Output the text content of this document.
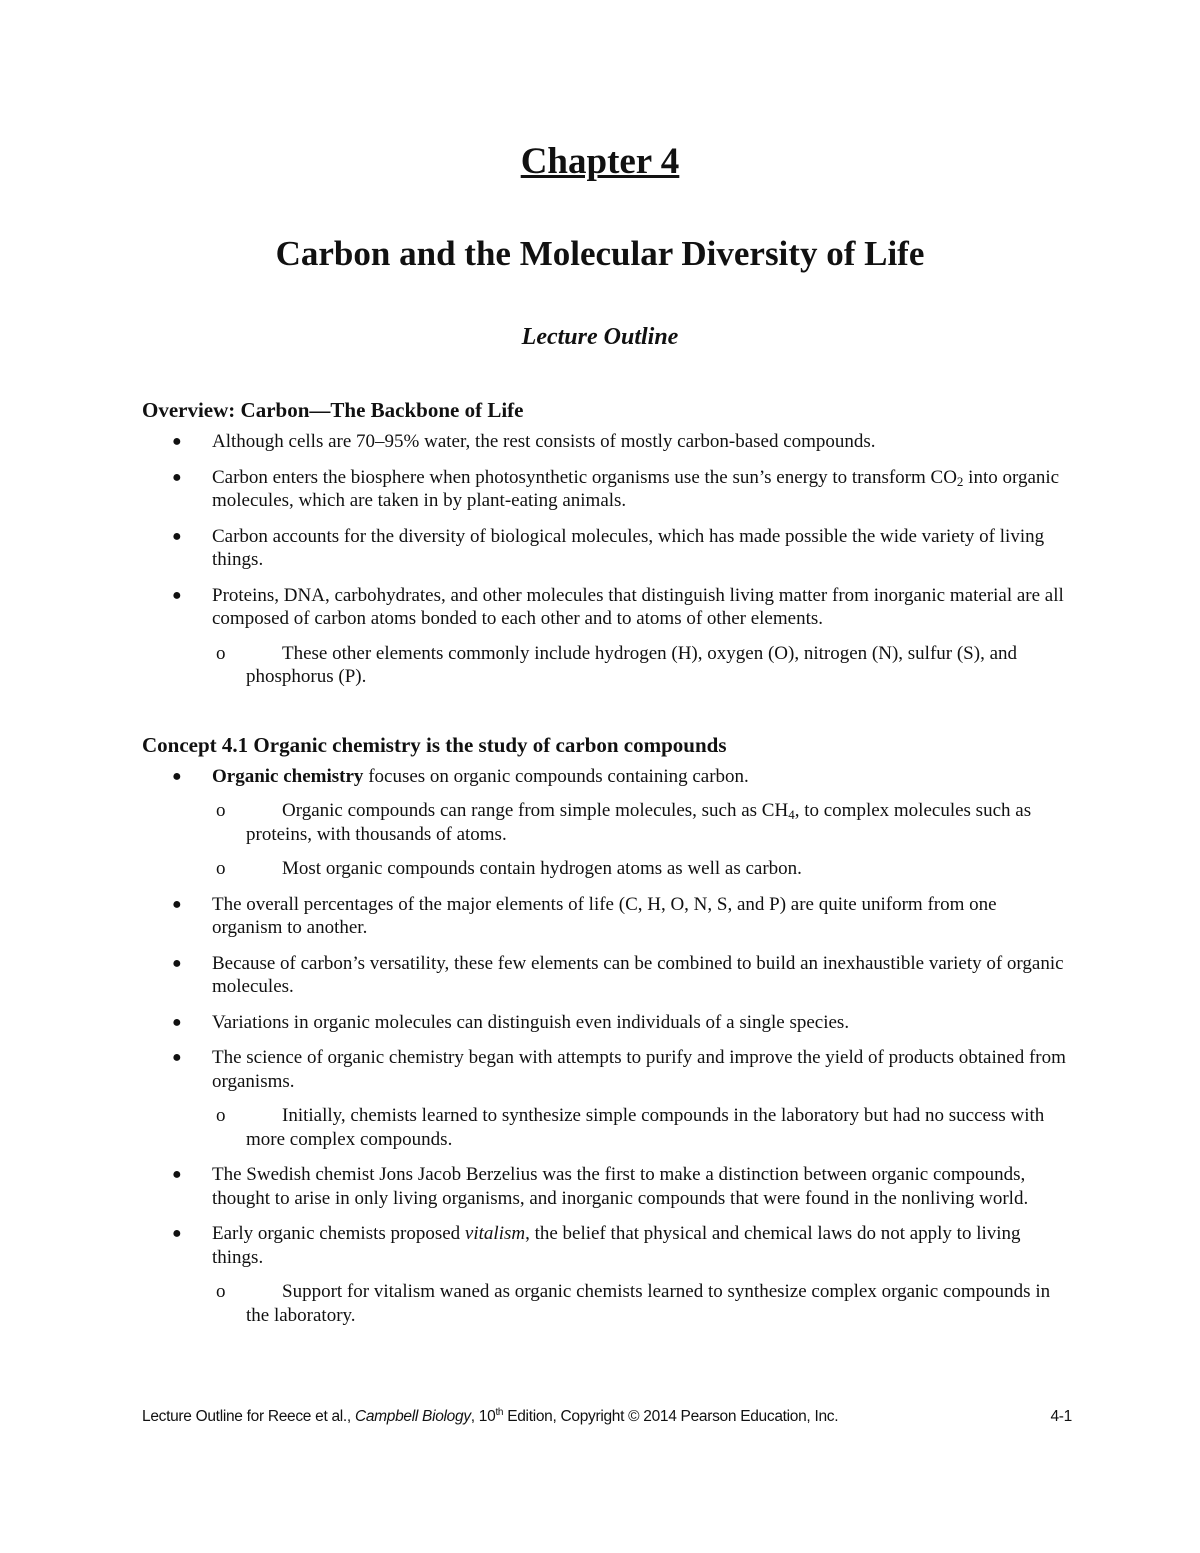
Chapter 4
Carbon and the Molecular Diversity of Life
Lecture Outline
Overview: Carbon—The Backbone of Life
● Although cells are 70–95% water, the rest consists of mostly carbon-based compounds.
● Carbon enters the biosphere when photosynthetic organisms use the sun’s energy to transform $CO_2$ into organic molecules, which are taken in by plant-eating animals.
● Carbon accounts for the diversity of biological molecules, which has made possible the wide variety of living things.
● Proteins, DNA, carbohydrates, and other molecules that distinguish living matter from inorganic material are all composed of carbon atoms bonded to each other and to atoms of other elements.
o	These other elements commonly include hydrogen (H), oxygen (O), nitrogen (N), sulfur (S), and phosphorus (P).
Concept 4.1 Organic chemistry is the study of carbon compounds
● Organic chemistry focuses on organic compounds containing carbon.
o	Organic compounds can range from simple molecules, such as $CH_4$, to complex molecules such as proteins, with thousands of atoms.
o	Most organic compounds contain hydrogen atoms as well as carbon.
● The overall percentages of the major elements of life (C, H, O, N, S, and P) are quite uniform from one organism to another.
● Because of carbon’s versatility, these few elements can be combined to build an inexhaustible variety of organic molecules.
● Variations in organic molecules can distinguish even individuals of a single species.
● The science of organic chemistry began with attempts to purify and improve the yield of products obtained from organisms.
o	Initially, chemists learned to synthesize simple compounds in the laboratory but had no success with more complex compounds.
● The Swedish chemist Jons Jacob Berzelius was the first to make a distinction between organic compounds, thought to arise in only living organisms, and inorganic compounds that were found in the nonliving world.
● Early organic chemists proposed vitalism, the belief that physical and chemical laws do not apply to living things.
o	Support for vitalism waned as organic chemists learned to synthesize complex organic compounds in the laboratory.
Lecture Outline for Reece et al., Campbell Biology, 10th Edition, Copyright © 2014 Pearson Education, Inc.	4-1
